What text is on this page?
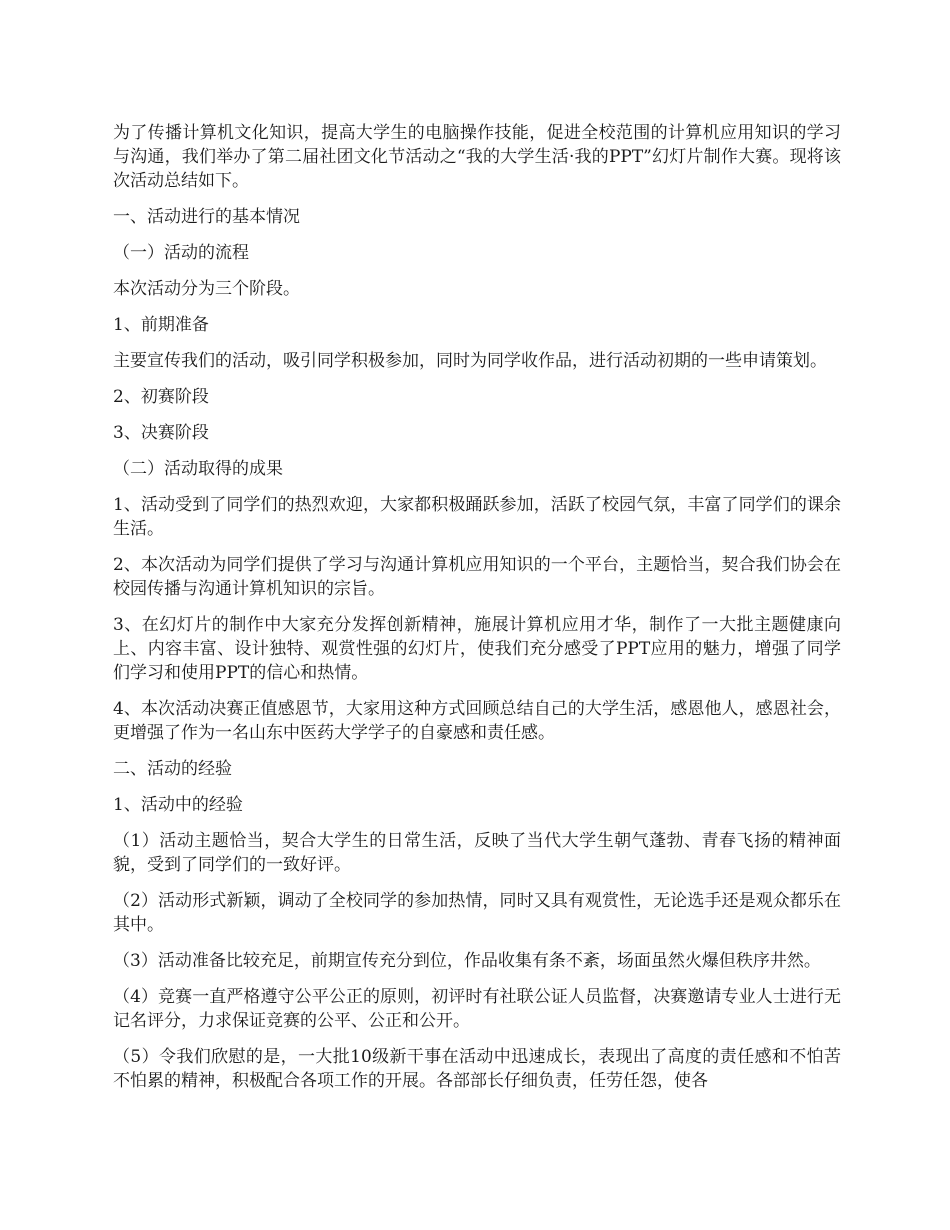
为了传播计算机文化知识，提高大学生的电脑操作技能，促进全校范围的计算机应用知识的学习与沟通，我们举办了第二届社团文化节活动之“我的大学生活·我的PPT”幻灯片制作大赛。现将该次活动总结如下。

一、活动进行的基本情况

（一）活动的流程

本次活动分为三个阶段。

1、前期准备

主要宣传我们的活动，吸引同学积极参加，同时为同学收作品，进行活动初期的一些申请策划。

2、初赛阶段

3、决赛阶段

（二）活动取得的成果

1、活动受到了同学们的热烈欢迎，大家都积极踊跃参加，活跃了校园气氛，丰富了同学们的课余生活。

2、本次活动为同学们提供了学习与沟通计算机应用知识的一个平台，主题恰当，契合我们协会在校园传播与沟通计算机知识的宗旨。

3、在幻灯片的制作中大家充分发挥创新精神，施展计算机应用才华，制作了一大批主题健康向上、内容丰富、设计独特、观赏性强的幻灯片，使我们充分感受了PPT应用的魅力，增强了同学们学习和使用PPT的信心和热情。

4、本次活动决赛正值感恩节，大家用这种方式回顾总结自己的大学生活，感恩他人，感恩社会，更增强了作为一名山东中医药大学学子的自豪感和责任感。

二、活动的经验

1、活动中的经验

（1）活动主题恰当，契合大学生的日常生活，反映了当代大学生朝气蓬勃、青春飞扬的精神面貌，受到了同学们的一致好评。

（2）活动形式新颖，调动了全校同学的参加热情，同时又具有观赏性，无论选手还是观众都乐在其中。

（3）活动准备比较充足，前期宣传充分到位，作品收集有条不紊，场面虽然火爆但秩序井然。

（4）竞赛一直严格遵守公平公正的原则，初评时有社联公证人员监督，决赛邀请专业人士进行无记名评分，力求保证竞赛的公平、公正和公开。

（5）令我们欣慰的是，一大批10级新干事在活动中迅速成长，表现出了高度的责任感和不怕苦不怕累的精神，积极配合各项工作的开展。各部部长仔细负责，任劳任怨，使各
